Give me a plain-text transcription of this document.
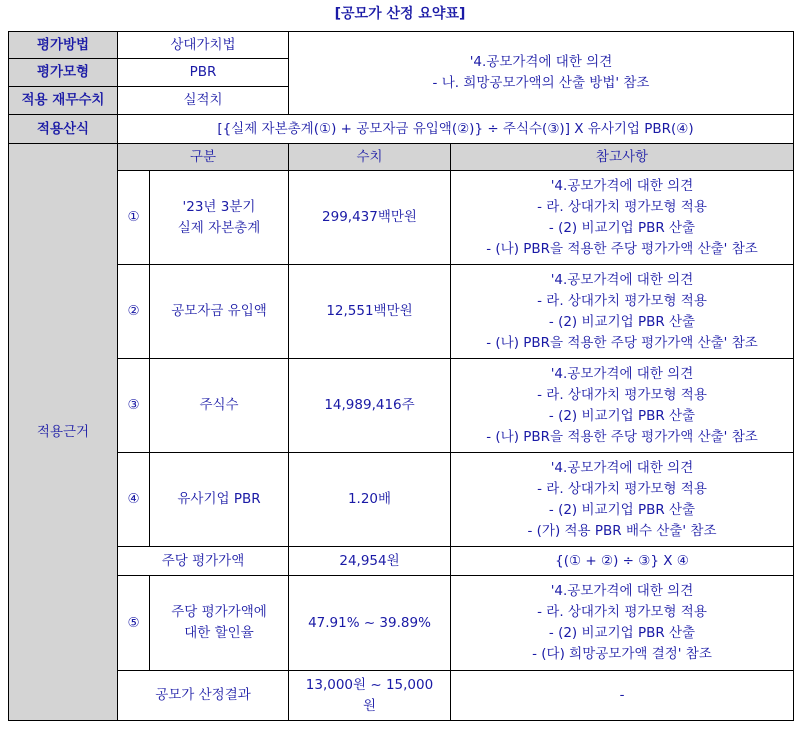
[공모가 산정 요약표]
평가방법	상대가치법		'4.공모가격에 대한 의견
- 나. 희망공모가액의 산출 방법' 참조	

평가모형	PBR			
적용 재무수치	실적치			
적용산식	[{실제 자본총계(①) + 공모자금 유입액(②)} ÷ 주식수(③)] X 유사기업 PBR(④)			
적용근거	구분		수치	참고사항
	①	'23년 3분기
실제 자본총계	299,437백만원	'4.공모가격에 대한 의견
- 라. 상대가치 평가모형 적용
- (2) 비교기업 PBR 산출
- (나) PBR을 적용한 주당 평가가액 산출' 참조

	②	공모자금 유입액	12,551백만원	'4.공모가격에 대한 의견
- 라. 상대가치 평가모형 적용
- (2) 비교기업 PBR 산출
- (나) PBR을 적용한 주당 평가가액 산출' 참조

	③	주식수	14,989,416주	'4.공모가격에 대한 의견
- 라. 상대가치 평가모형 적용
- (2) 비교기업 PBR 산출
- (나) PBR을 적용한 주당 평가가액 산출' 참조

	④	유사기업 PBR	1.20배	'4.공모가격에 대한 의견
- 라. 상대가치 평가모형 적용
- (2) 비교기업 PBR 산출
- (가) 적용 PBR 배수 산출' 참조

	주당 평가가액		24,954원	{(① + ②) ÷ ③} X ④
	⑤	주당 평가가액에
대한 할인율	47.91% ~ 39.89%	'4.공모가격에 대한 의견
- 라. 상대가치 평가모형 적용
- (2) 비교기업 PBR 산출
- (다) 희망공모가액 결정' 참조

	공모가 산정결과		13,000원 ~ 15,000
원	-
